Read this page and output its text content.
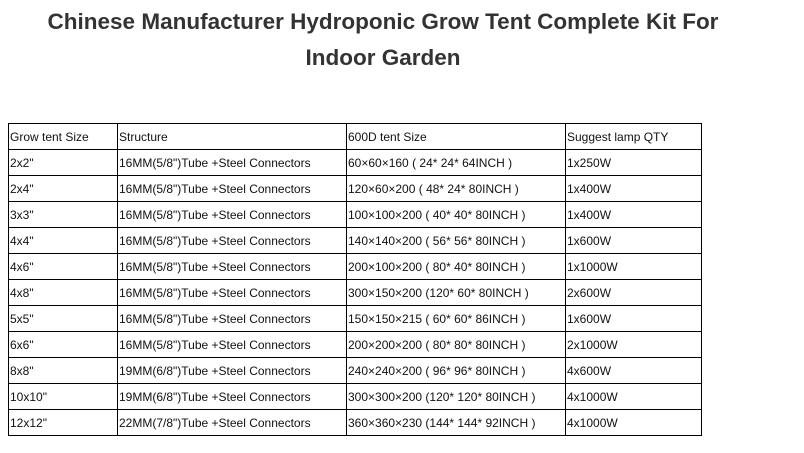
Chinese Manufacturer Hydroponic Grow Tent Complete Kit For
Indoor Garden
Grow tent Size	Structure	600D tent Size	Suggest lamp QTY
2x2"	16MM(5/8")Tube +Steel Connectors	60×60×160 ( 24* 24* 64INCH )	1x250W
2x4"	16MM(5/8")Tube +Steel Connectors	120×60×200 ( 48* 24* 80INCH )	1x400W
3x3"	16MM(5/8")Tube +Steel Connectors	100×100×200 ( 40* 40* 80INCH )	1x400W
4x4"	16MM(5/8")Tube +Steel Connectors	140×140×200 ( 56* 56* 80INCH )	1x600W
4x6"	16MM(5/8")Tube +Steel Connectors	200×100×200 ( 80* 40* 80INCH )	1x1000W
4x8"	16MM(5/8")Tube +Steel Connectors	300×150×200 (120* 60* 80INCH )	2x600W
5x5"	16MM(5/8")Tube +Steel Connectors	150×150×215 ( 60* 60* 86INCH )	1x600W
6x6"	16MM(5/8")Tube +Steel Connectors	200×200×200 ( 80* 80* 80INCH )	2x1000W
8x8"	19MM(6/8")Tube +Steel Connectors	240×240×200 ( 96* 96* 80INCH )	4x600W
10x10"	19MM(6/8")Tube +Steel Connectors	300×300×200 (120* 120* 80INCH )	4x1000W
12x12"	22MM(7/8")Tube +Steel Connectors	360×360×230 (144* 144* 92INCH )	4x1000W
